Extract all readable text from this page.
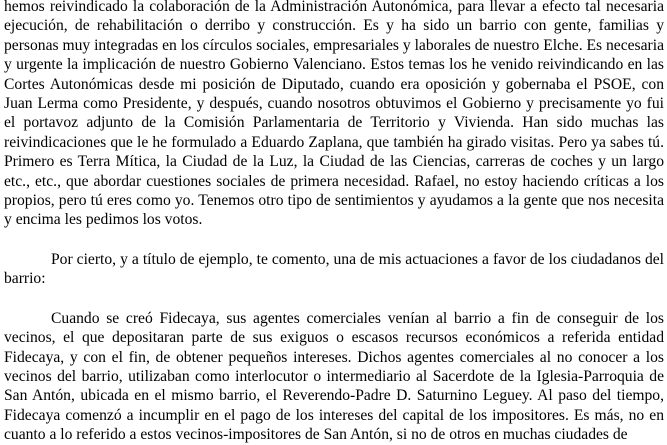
hemos reivindicado la colaboración de la Administración Autonómica, para llevar a efecto tal necesaria ejecución, de rehabilitación o derribo y construcción. Es y ha sido un barrio con gente, familias y personas muy integradas en los círculos sociales, empresariales y laborales de nuestro Elche. Es necesaria y urgente la implicación de nuestro Gobierno Valenciano. Estos temas los he venido reivindicando en las Cortes Autonómicas desde mi posición de Diputado, cuando era oposición y gobernaba el PSOE, con Juan Lerma como Presidente, y después, cuando nosotros obtuvimos el Gobierno y precisamente yo fui el portavoz adjunto de la Comisión Parlamentaria de Territorio y Vivienda. Han sido muchas las reivindicaciones que le he formulado a Eduardo Zaplana, que también ha girado visitas. Pero ya sabes tú. Primero es Terra Mítica, la Ciudad de la Luz, la Ciudad de las Ciencias, carreras de coches y un largo etc., etc., que abordar cuestiones sociales de primera necesidad. Rafael, no estoy haciendo críticas a los propios, pero tú eres como yo. Tenemos otro tipo de sentimientos y ayudamos a la gente que nos necesita y encima les pedimos los votos.

Por cierto, y a título de ejemplo, te comento, una de mis actuaciones a favor de los ciudadanos del barrio:

Cuando se creó Fidecaya, sus agentes comerciales venían al barrio a fin de conseguir de los vecinos, el que depositaran parte de sus exiguos o escasos recursos económicos a referida entidad Fidecaya, y con el fin, de obtener pequeños intereses. Dichos agentes comerciales al no conocer a los vecinos del barrio, utilizaban como interlocutor o intermediario al Sacerdote de la Iglesia-Parroquia de San Antón, ubicada en el mismo barrio, el Reverendo-Padre D. Saturnino Leguey. Al paso del tiempo, Fidecaya comenzó a incumplir en el pago de los intereses del capital de los impositores. Es más, no en cuanto a lo referido a estos vecinos-impositores de San Antón, si no de otros en muchas ciudades de
